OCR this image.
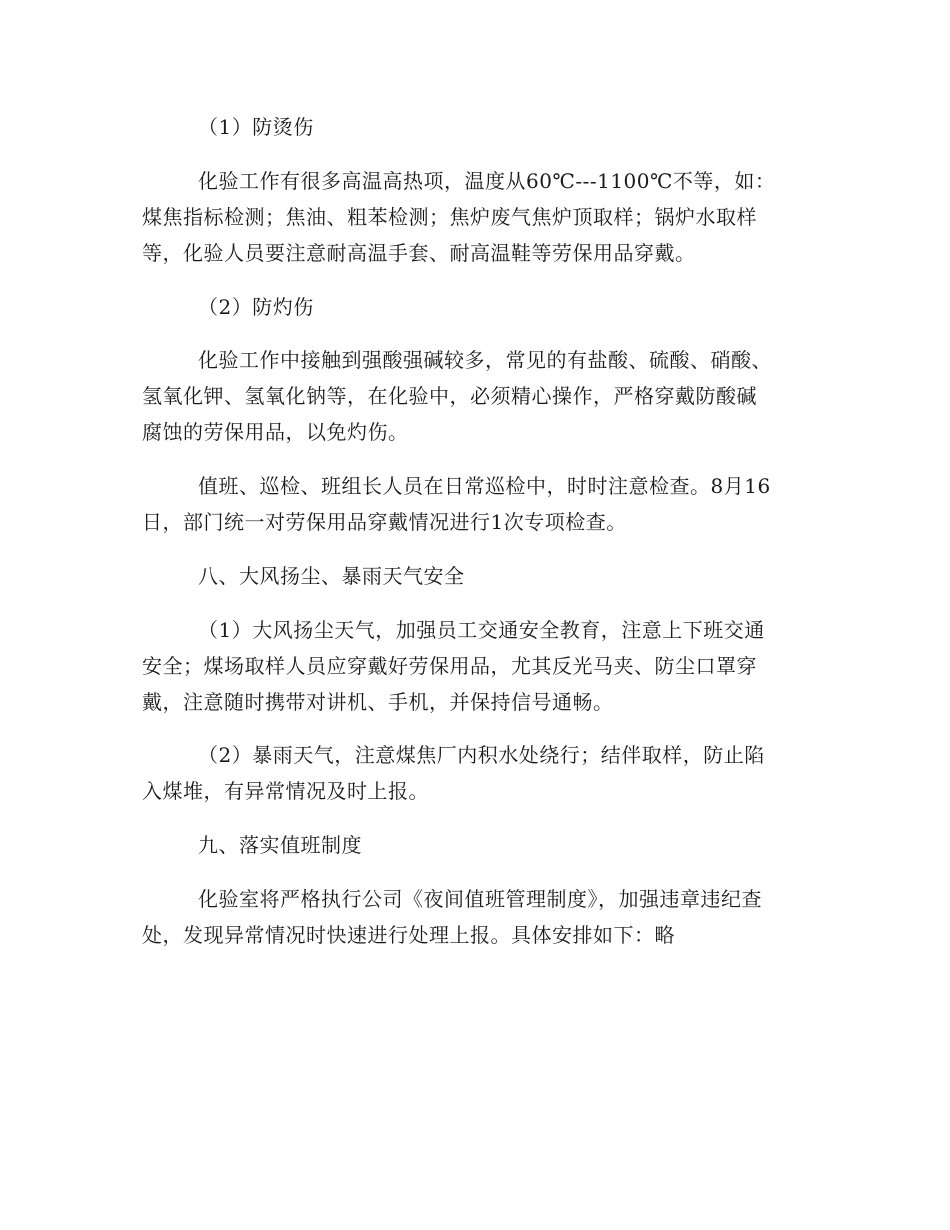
（1）防烫伤

化验工作有很多高温高热项，温度从60℃---1100℃不等，如：

煤焦指标检测；焦油、粗苯检测；焦炉废气焦炉顶取样；锅炉水取样

等，化验人员要注意耐高温手套、耐高温鞋等劳保用品穿戴。

（2）防灼伤

化验工作中接触到强酸强碱较多，常见的有盐酸、硫酸、硝酸、

氢氧化钾、氢氧化钠等，在化验中，必须精心操作，严格穿戴防酸碱

腐蚀的劳保用品，以免灼伤。

值班、巡检、班组长人员在日常巡检中，时时注意检查。8月16

日，部门统一对劳保用品穿戴情况进行1次专项检查。

八、大风扬尘、暴雨天气安全

（1）大风扬尘天气，加强员工交通安全教育，注意上下班交通

安全；煤场取样人员应穿戴好劳保用品，尤其反光马夹、防尘口罩穿

戴，注意随时携带对讲机、手机，并保持信号通畅。

（2）暴雨天气，注意煤焦厂内积水处绕行；结伴取样，防止陷

入煤堆，有异常情况及时上报。

九、落实值班制度

化验室将严格执行公司《夜间值班管理制度》，加强违章违纪查

处，发现异常情况时快速进行处理上报。具体安排如下：略
